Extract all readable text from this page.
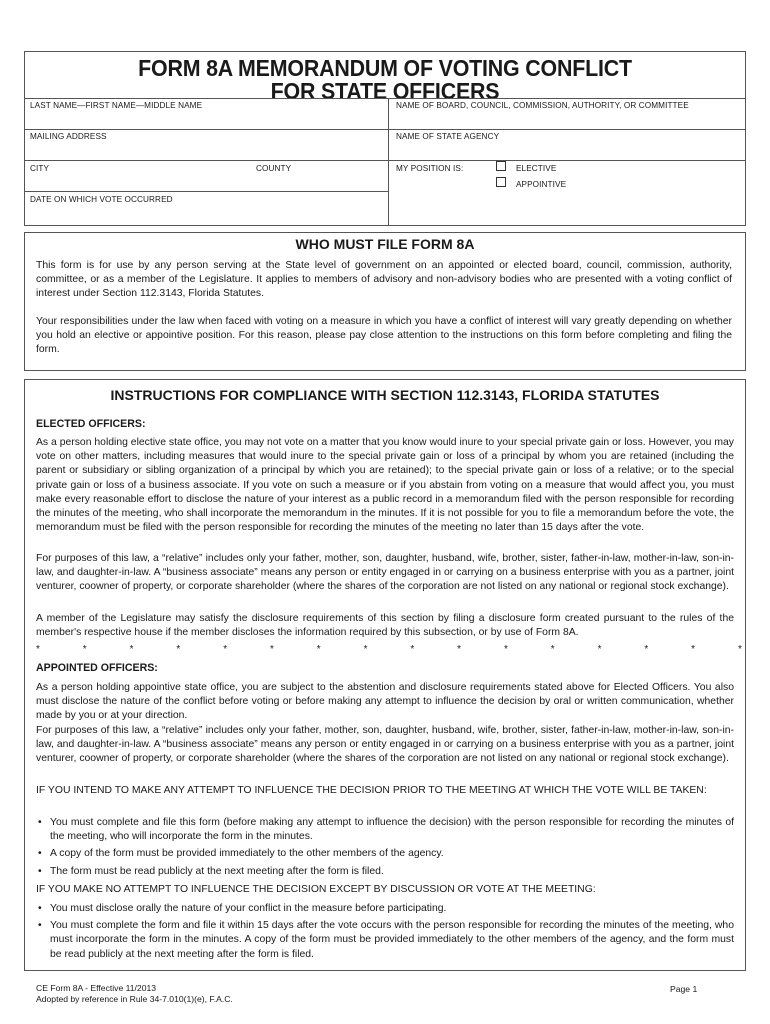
FORM 8A MEMORANDUM OF VOTING CONFLICT
FOR STATE OFFICERS
LAST NAME—FIRST NAME—MIDDLE NAME	NAME OF BOARD, COUNCIL, COMMISSION, AUTHORITY, OR COMMITTEE
MAILING ADDRESS	NAME OF STATE AGENCY
CITY	COUNTY	MY POSITION IS:	ELECTIVE
APPOINTIVE
DATE ON WHICH VOTE OCCURRED
WHO MUST FILE FORM 8A
This form is for use by any person serving at the State level of government on an appointed or elected board, council, commission, authority, committee, or as a member of the Legislature. It applies to members of advisory and non-advisory bodies who are presented with a voting conflict of interest under Section 112.3143, Florida Statutes.
Your responsibilities under the law when faced with voting on a measure in which you have a conflict of interest will vary greatly depending on whether you hold an elective or appointive position. For this reason, please pay close attention to the instructions on this form before completing and filing the form.
INSTRUCTIONS FOR COMPLIANCE WITH SECTION 112.3143, FLORIDA STATUTES
ELECTED OFFICERS:
As a person holding elective state office, you may not vote on a matter that you know would inure to your special private gain or loss. However, you may vote on other matters, including measures that would inure to the special private gain or loss of a principal by whom you are retained (including the parent or subsidiary or sibling organization of a principal by which you are retained); to the special private gain or loss of a relative; or to the special private gain or loss of a business associate. If you vote on such a measure or if you abstain from voting on a measure that would affect you, you must make every reasonable effort to disclose the nature of your interest as a public record in a memorandum filed with the person responsible for recording the minutes of the meeting, who shall incorporate the memorandum in the minutes. If it is not possible for you to file a memorandum before the vote, the memorandum must be filed with the person responsible for recording the minutes of the meeting no later than 15 days after the vote.
For purposes of this law, a “relative” includes only your father, mother, son, daughter, husband, wife, brother, sister, father-in-law, mother-in-law, son-in-law, and daughter-in-law. A “business associate” means any person or entity engaged in or carrying on a business enterprise with you as a partner, joint venturer, coowner of property, or corporate shareholder (where the shares of the corporation are not listed on any national or regional stock exchange).
A member of the Legislature may satisfy the disclosure requirements of this section by filing a disclosure form created pursuant to the rules of the member's respective house if the member discloses the information required by this subsection, or by use of Form 8A.
*	*	*	*	*	*	*	*	*	*	*	*	*	*	*	*
APPOINTED OFFICERS:
As a person holding appointive state office, you are subject to the abstention and disclosure requirements stated above for Elected Officers. You also must disclose the nature of the conflict before voting or before making any attempt to influence the decision by oral or written communication, whether made by you or at your direction.
For purposes of this law, a “relative” includes only your father, mother, son, daughter, husband, wife, brother, sister, father-in-law, mother-in-law, son-in-law, and daughter-in-law. A “business associate” means any person or entity engaged in or carrying on a business enterprise with you as a partner, joint venturer, coowner of property, or corporate shareholder (where the shares of the corporation are not listed on any national or regional stock exchange).
IF YOU INTEND TO MAKE ANY ATTEMPT TO INFLUENCE THE DECISION PRIOR TO THE MEETING AT WHICH THE VOTE WILL BE TAKEN:
• You must complete and file this form (before making any attempt to influence the decision) with the person responsible for recording the minutes of the meeting, who will incorporate the form in the minutes.
• A copy of the form must be provided immediately to the other members of the agency.
• The form must be read publicly at the next meeting after the form is filed.
IF YOU MAKE NO ATTEMPT TO INFLUENCE THE DECISION EXCEPT BY DISCUSSION OR VOTE AT THE MEETING:
• You must disclose orally the nature of your conflict in the measure before participating.
• You must complete the form and file it within 15 days after the vote occurs with the person responsible for recording the minutes of the meeting, who must incorporate the form in the minutes. A copy of the form must be provided immediately to the other members of the agency, and the form must be read publicly at the next meeting after the form is filed.
CE Form 8A - Effective 11/2013
Adopted by reference in Rule 34-7.010(1)(e), F.A.C.
Page 1
